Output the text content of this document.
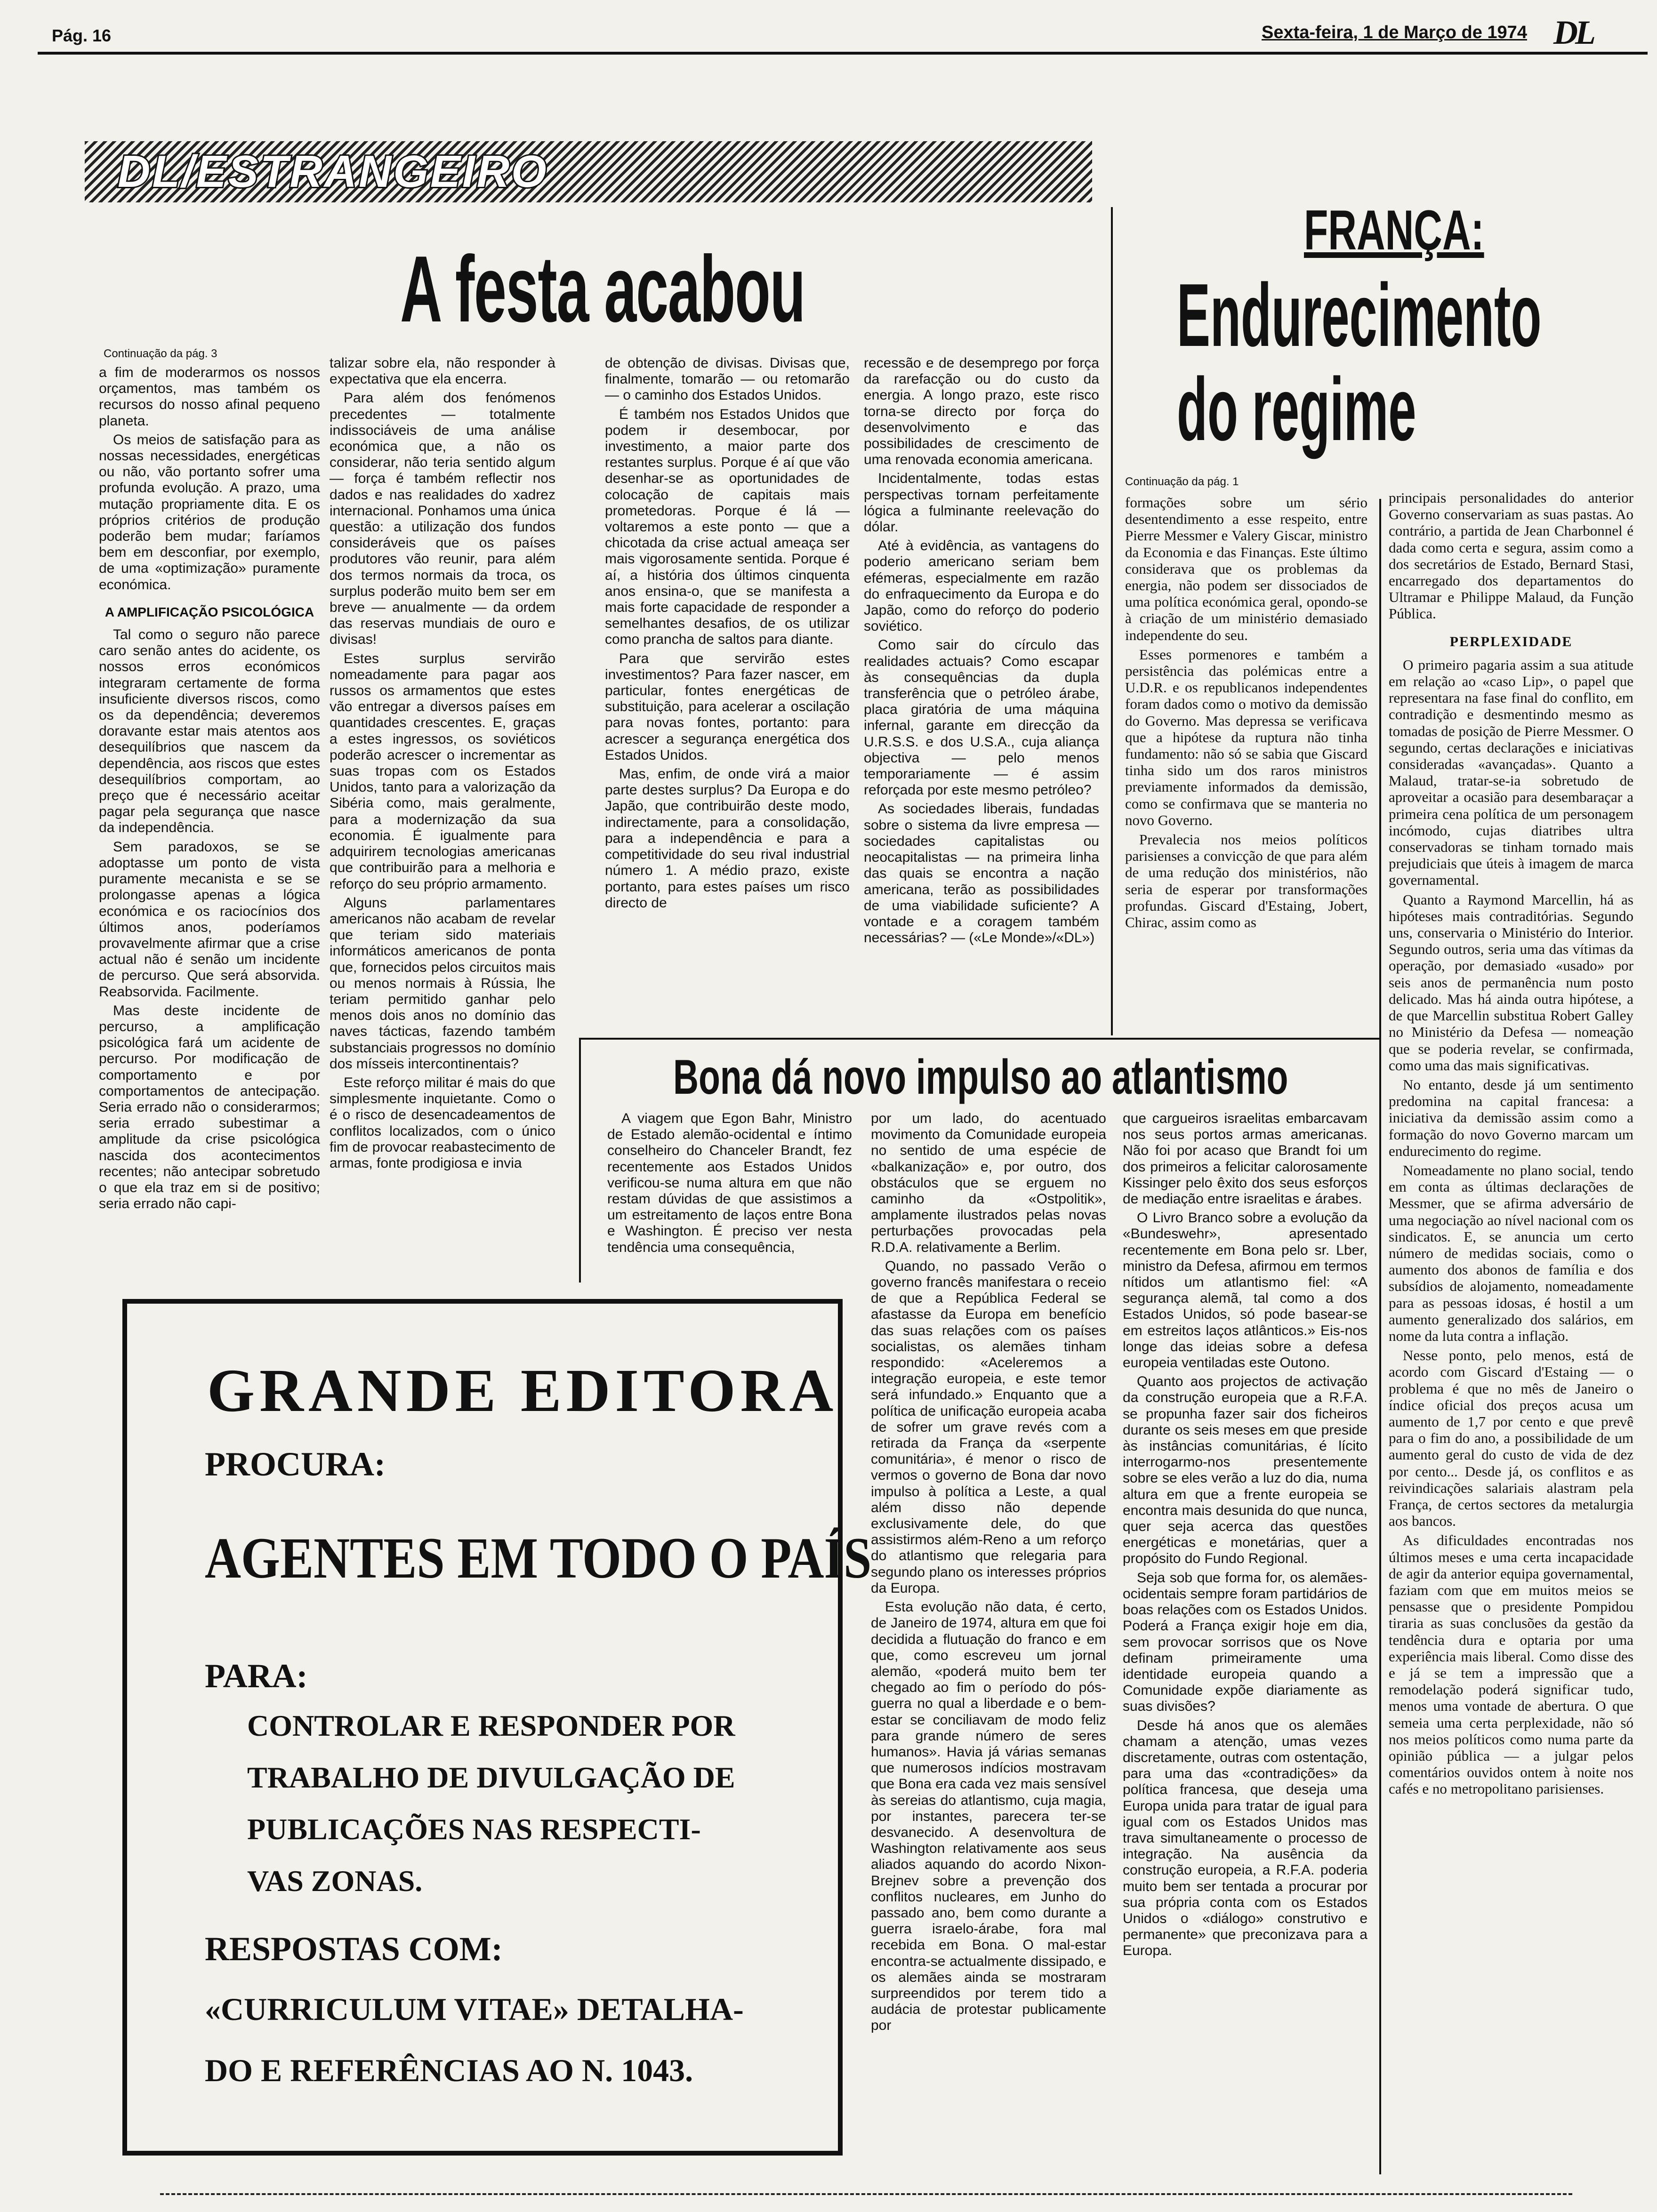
Pág. 16	Sexta-feira, 1 de Março de 1974 DL
DL/ESTRANGEIRO
A festa acabou
Continuação da pág. 3

a fim de moderarmos os nossos orçamentos, mas também os recursos do nosso afinal pequeno planeta.

Os meios de satisfação para as nossas necessidades, energéticas ou não, vão portanto sofrer uma profunda evolução. A prazo, uma mutação propriamente dita. E os próprios critérios de produção poderão bem mudar; faríamos bem em desconfiar, por exemplo, de uma «optimização» puramente económica.

A AMPLIFICAÇÃO PSICOLÓGICA

Tal como o seguro não parece caro senão antes do acidente, os nossos erros económicos integraram certamente de forma insuficiente diversos riscos, como os da dependência; deveremos doravante estar mais atentos aos desequilíbrios que nascem da dependência, aos riscos que estes desequilíbrios comportam, ao preço que é necessário aceitar pagar pela segurança que nasce da independência.

Sem paradoxos, se se adoptasse um ponto de vista puramente mecanista e se se prolongasse apenas a lógica económica e os raciocínios dos últimos anos, poderíamos provavelmente afirmar que a crise actual não é senão um incidente de percurso. Que será absorvida. Reabsorvida. Facilmente.

Mas deste incidente de percurso, a amplificação psicológica fará um acidente de percurso. Por modificação de comportamento e por comportamentos de antecipação. Seria errado não o considerarmos; seria errado subestimar a amplitude da crise psicológica nascida dos acontecimentos recentes; não antecipar sobretudo o que ela traz em si de positivo; seria errado não capi-

talizar sobre ela, não responder à expectativa que ela encerra.

Para além dos fenómenos precedentes — totalmente indissociáveis de uma análise económica que, a não os considerar, não teria sentido algum — força é também reflectir nos dados e nas realidades do xadrez internacional. Ponhamos uma única questão: a utilização dos fundos consideráveis que os países produtores vão reunir, para além dos termos normais da troca, os surplus poderão muito bem ser em breve — anualmente — da ordem das reservas mundiais de ouro e divisas!

Estes surplus servirão nomeadamente para pagar aos russos os armamentos que estes vão entregar a diversos países em quantidades crescentes. E, graças a estes ingressos, os soviéticos poderão acrescer o incrementar as suas tropas com os Estados Unidos, tanto para a valorização da Sibéria como, mais geralmente, para a modernização da sua economia. É igualmente para adquirirem tecnologias americanas que contribuirão para a melhoria e reforço do seu próprio armamento.

Alguns parlamentares americanos não acabam de revelar que teriam sido materiais informáticos americanos de ponta que, fornecidos pelos circuitos mais ou menos normais à Rússia, lhe teriam permitido ganhar pelo menos dois anos no domínio das naves tácticas, fazendo também substanciais progressos no domínio dos mísseis intercontinentais?

Este reforço militar é mais do que simplesmente inquietante. Como o é o risco de desencadeamentos de conflitos localizados, com o único fim de provocar reabastecimento de armas, fonte prodigiosa e invia

de obtenção de divisas. Divisas que, finalmente, tomarão — ou retomarão — o caminho dos Estados Unidos.

É também nos Estados Unidos que podem ir desembocar, por investimento, a maior parte dos restantes surplus. Porque é aí que vão desenhar-se as oportunidades de colocação de capitais mais prometedoras. Porque é lá — voltaremos a este ponto — que a chicotada da crise actual ameaça ser mais vigorosamente sentida. Porque é aí, a história dos últimos cinquenta anos ensina-o, que se manifesta a mais forte capacidade de responder a semelhantes desafios, de os utilizar como prancha de saltos para diante.

Para que servirão estes investimentos? Para fazer nascer, em particular, fontes energéticas de substituição, para acelerar a oscilação para novas fontes, portanto: para acrescer a segurança energética dos Estados Unidos.

Mas, enfim, de onde virá a maior parte destes surplus? Da Europa e do Japão, que contribuirão deste modo, indirectamente, para a consolidação, para a independência e para a competitividade do seu rival industrial número 1. A médio prazo, existe portanto, para estes países um risco directo de

recessão e de desemprego por força da rarefacção ou do custo da energia. A longo prazo, este risco torna-se directo por força do desenvolvimento e das possibilidades de crescimento de uma renovada economia americana.

Incidentalmente, todas estas perspectivas tornam perfeitamente lógica a fulminante reelevação do dólar.

Até à evidência, as vantagens do poderio americano seriam bem efémeras, especialmente em razão do enfraquecimento da Europa e do Japão, como do reforço do poderio soviético.

Como sair do círculo das realidades actuais? Como escapar às consequências da dupla transferência que o petróleo árabe, placa giratória de uma máquina infernal, garante em direcção da U.R.S.S. e dos U.S.A., cuja aliança objectiva — pelo menos temporariamente — é assim reforçada por este mesmo petróleo?

As sociedades liberais, fundadas sobre o sistema da livre empresa — sociedades capitalistas ou neocapitalistas — na primeira linha das quais se encontra a nação americana, terão as possibilidades de uma viabilidade suficiente? A vontade e a coragem também necessárias? — («Le Monde»/«DL»)

FRANÇA:
Endurecimento
do regime
Continuação da pág. 1

formações sobre um sério desentendimento a esse respeito, entre Pierre Messmer e Valery Giscar, ministro da Economia e das Finanças. Este último considerava que os problemas da energia, não podem ser dissociados de uma política económica geral, opondo-se à criação de um ministério demasiado independente do seu.

Esses pormenores e também a persistência das polémicas entre a U.D.R. e os republicanos independentes foram dados como o motivo da demissão do Governo. Mas depressa se verificava que a hipótese da ruptura não tinha fundamento: não só se sabia que Giscard tinha sido um dos raros ministros previamente informados da demissão, como se confirmava que se manteria no novo Governo.

Prevalecia nos meios políticos parisienses a convicção de que para além de uma redução dos ministérios, não seria de esperar por transformações profundas. Giscard d'Estaing, Jobert, Chirac, assim como as

principais personalidades do anterior Governo conservariam as suas pastas. Ao contrário, a partida de Jean Charbonnel é dada como certa e segura, assim como a dos secretários de Estado, Bernard Stasi, encarregado dos departamentos do Ultramar e Philippe Malaud, da Função Pública.

PERPLEXIDADE

O primeiro pagaria assim a sua atitude em relação ao «caso Lip», o papel que representara na fase final do conflito, em contradição e desmentindo mesmo as tomadas de posição de Pierre Messmer. O segundo, certas declarações e iniciativas consideradas «avançadas». Quanto a Malaud, tratar-se-ia sobretudo de aproveitar a ocasião para desembaraçar a primeira cena política de um personagem incómodo, cujas diatribes ultra conservadoras se tinham tornado mais prejudiciais que úteis à imagem de marca governamental.

Quanto a Raymond Marcellin, há as hipóteses mais contraditórias. Segundo uns, conservaria o Ministério do Interior. Segundo outros, seria uma das vítimas da operação, por demasiado «usado» por seis anos de permanência num posto delicado. Mas há ainda outra hipótese, a de que Marcellin substitua Robert Galley no Ministério da Defesa — nomeação que se poderia revelar, se confirmada, como uma das mais significativas.

No entanto, desde já um sentimento predomina na capital francesa: a iniciativa da demissão assim como a formação do novo Governo marcam um endurecimento do regime.

Nomeadamente no plano social, tendo em conta as últimas declarações de Messmer, que se afirma adversário de uma negociação ao nível nacional com os sindicatos. E, se anuncia um certo número de medidas sociais, como o aumento dos abonos de família e dos subsídios de alojamento, nomeadamente para as pessoas idosas, é hostil a um aumento generalizado dos salários, em nome da luta contra a inflação.

Nesse ponto, pelo menos, está de acordo com Giscard d'Estaing — o problema é que no mês de Janeiro o índice oficial dos preços acusa um aumento de 1,7 por cento e que prevê para o fim do ano, a possibilidade de um aumento geral do custo de vida de dez por cento... Desde já, os conflitos e as reivindicações salariais alastram pela França, de certos sectores da metalurgia aos bancos.

As dificuldades encontradas nos últimos meses e uma certa incapacidade de agir da anterior equipa governamental, faziam com que em muitos meios se pensasse que o presidente Pompidou tiraria as suas conclusões da gestão da tendência dura e optaria por uma experiência mais liberal. Como disse des e já se tem a impressão que a remodelação poderá significar tudo, menos uma vontade de abertura. O que semeia uma certa perplexidade, não só nos meios políticos como numa parte da opinião pública — a julgar pelos comentários ouvidos ontem à noite nos cafés e no metropolitano parisienses.

Bona dá novo impulso ao atlantismo

A viagem que Egon Bahr, Ministro de Estado alemão-ocidental e íntimo conselheiro do Chanceler Brandt, fez recentemente aos Estados Unidos verificou-se numa altura em que não restam dúvidas de que assistimos a um estreitamento de laços entre Bona e Washington. É preciso ver nesta tendência uma consequência,

por um lado, do acentuado movimento da Comunidade europeia no sentido de uma espécie de «balkanização» e, por outro, dos obstáculos que se erguem no caminho da «Ostpolitik», amplamente ilustrados pelas novas perturbações provocadas pela R.D.A. relativamente a Berlim.

Quando, no passado Verão o governo francês manifestara o receio de que a República Federal se afastasse da Europa em benefício das suas relações com os países socialistas, os alemães tinham respondido: «Aceleremos a integração europeia, e este temor será infundado.» Enquanto que a política de unificação europeia acaba de sofrer um grave revés com a retirada da França da «serpente comunitária», é menor o risco de vermos o governo de Bona dar novo impulso à política a Leste, a qual além disso não depende exclusivamente dele, do que assistirmos além-Reno a um reforço do atlantismo que relegaria para segundo plano os interesses próprios da Europa.

Esta evolução não data, é certo, de Janeiro de 1974, altura em que foi decidida a flutuação do franco e em que, como escreveu um jornal alemão, «poderá muito bem ter chegado ao fim o período do pós-guerra no qual a liberdade e o bem-estar se conciliavam de modo feliz para grande número de seres humanos». Havia já várias semanas que numerosos indícios mostravam que Bona era cada vez mais sensível às sereias do atlantismo, cuja magia, por instantes, parecera ter-se desvanecido. A desenvoltura de Washington relativamente aos seus aliados aquando do acordo Nixon-Brejnev sobre a prevenção dos conflitos nucleares, em Junho do passado ano, bem como durante a guerra israelo-árabe, fora mal recebida em Bona. O mal-estar encontra-se actualmente dissipado, e os alemães ainda se mostraram surpreendidos por terem tido a audácia de protestar publicamente por

que cargueiros israelitas embarcavam nos seus portos armas americanas. Não foi por acaso que Brandt foi um dos primeiros a felicitar calorosamente Kissinger pelo êxito dos seus esforços de mediação entre israelitas e árabes.

O Livro Branco sobre a evolução da «Bundeswehr», apresentado recentemente em Bona pelo sr. Lber, ministro da Defesa, afirmou em termos nítidos um atlantismo fiel: «A segurança alemã, tal como a dos Estados Unidos, só pode basear-se em estreitos laços atlânticos.» Eis-nos longe das ideias sobre a defesa europeia ventiladas este Outono.

Quanto aos projectos de activação da construção europeia que a R.F.A. se propunha fazer sair dos ficheiros durante os seis meses em que preside às instâncias comunitárias, é lícito interrogarmo-nos presentemente sobre se eles verão a luz do dia, numa altura em que a frente europeia se encontra mais desunida do que nunca, quer seja acerca das questões energéticas e monetárias, quer a propósito do Fundo Regional.

Seja sob que forma for, os alemães-ocidentais sempre foram partidários de boas relações com os Estados Unidos. Poderá a França exigir hoje em dia, sem provocar sorrisos que os Nove definam primeiramente uma identidade europeia quando a Comunidade expõe diariamente as suas divisões?

Desde há anos que os alemães chamam a atenção, umas vezes discretamente, outras com ostentação, para uma das «contradições» da política francesa, que deseja uma Europa unida para tratar de igual para igual com os Estados Unidos mas trava simultaneamente o processo de integração. Na ausência da construção europeia, a R.F.A. poderia muito bem ser tentada a procurar por sua própria conta com os Estados Unidos o «diálogo» construtivo e permanente» que preconizava para a Europa.

GRANDE EDITORA
PROCURA:
AGENTES EM TODO O PAÍS
PARA:
CONTROLAR E RESPONDER POR
TRABALHO DE DIVULGAÇÃO DE
PUBLICAÇÕES NAS RESPECTI-
VAS ZONAS.
RESPOSTAS COM:
«CURRICULUM VITAE» DETALHA-
DO E REFERÊNCIAS AO N. 1043.
